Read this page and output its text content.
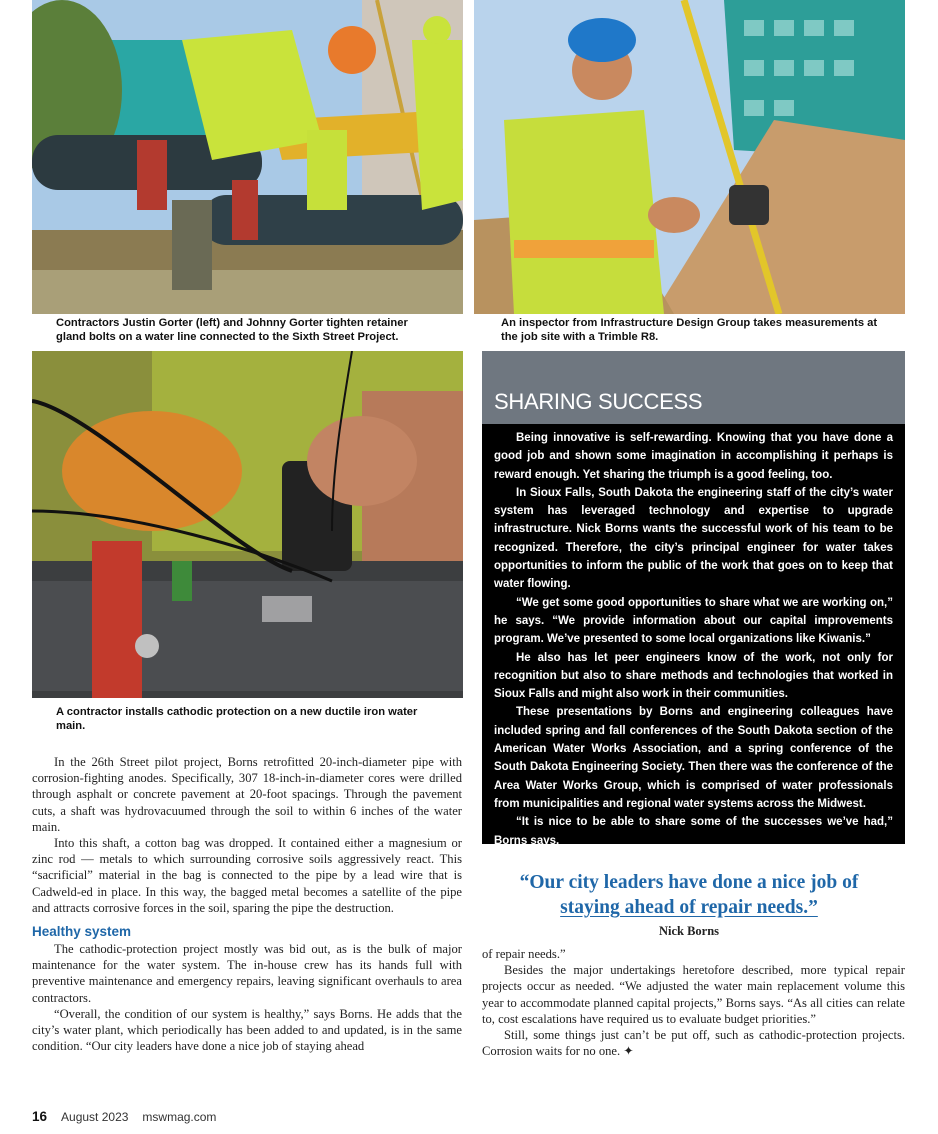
Contractors Justin Gorter (left) and Johnny Gorter tighten retainer gland bolts on a water line connected to the Sixth Street Project.
An inspector from Infrastructure Design Group takes measurements at the job site with a Trimble R8.
A contractor installs cathodic protection on a new ductile iron water main.
SHARING SUCCESS

Being innovative is self-rewarding. Knowing that you have done a good job and shown some imagination in accomplishing it perhaps is reward enough. Yet sharing the triumph is a good feeling, too.

In Sioux Falls, South Dakota the engineering staff of the city’s water system has leveraged technology and expertise to upgrade infrastructure. Nick Borns wants the successful work of his team to be recognized. Therefore, the city’s principal engineer for water takes opportunities to inform the public of the work that goes on to keep that water flowing.

“We get some good opportunities to share what we are working on,” he says. “We provide information about our capital improvements program. We’ve presented to some local organizations like Kiwanis.”

He also has let peer engineers know of the work, not only for recognition but also to share methods and technologies that worked in Sioux Falls and might also work in their communities.

These presentations by Borns and engineering colleagues have included spring and fall conferences of the South Dakota section of the American Water Works Association, and a spring conference of the South Dakota Engineering Society. Then there was the conference of the Area Water Works Group, which is comprised of water professionals from municipalities and regional water systems across the Midwest.

“It is nice to be able to share some of the successes we’ve had,” Borns says.

In the 26th Street pilot project, Borns retrofitted 20-inch-diameter pipe with corrosion-fighting anodes. Specifically, 307 18-inch-in-diameter cores were drilled through asphalt or concrete pavement at 20-foot spacings. Through the pavement cuts, a shaft was hydrovacuumed through the soil to within 6 inches of the water main.

Into this shaft, a cotton bag was dropped. It contained either a magnesium or zinc rod — metals to which surrounding corrosive soils aggressively react. This “sacrificial” material in the bag is connected to the pipe by a lead wire that is Cadweld-ed in place. In this way, the bagged metal becomes a satellite of the pipe and attracts corrosive forces in the soil, sparing the pipe the destruction.

Healthy system

The cathodic-protection project mostly was bid out, as is the bulk of major maintenance for the water system. The in-house crew has its hands full with preventive maintenance and emergency repairs, leaving significant overhauls to area contractors.

“Overall, the condition of our system is healthy,” says Borns. He adds that the city’s water plant, which periodically has been added to and updated, is in the same condition. “Our city leaders have done a nice job of staying ahead

“Our city leaders have done a nice job of
staying ahead of repair needs.”
Nick Borns

of repair needs.”

Besides the major undertakings heretofore described, more typical repair projects occur as needed. “We adjusted the water main replacement volume this year to accommodate planned capital projects,” Borns says. “As all cities can relate to, cost escalations have required us to evaluate budget priorities.”

Still, some things just can’t be put off, such as cathodic-protection projects. Corrosion waits for no one. ✦

16 August 2023 mswmag.com
